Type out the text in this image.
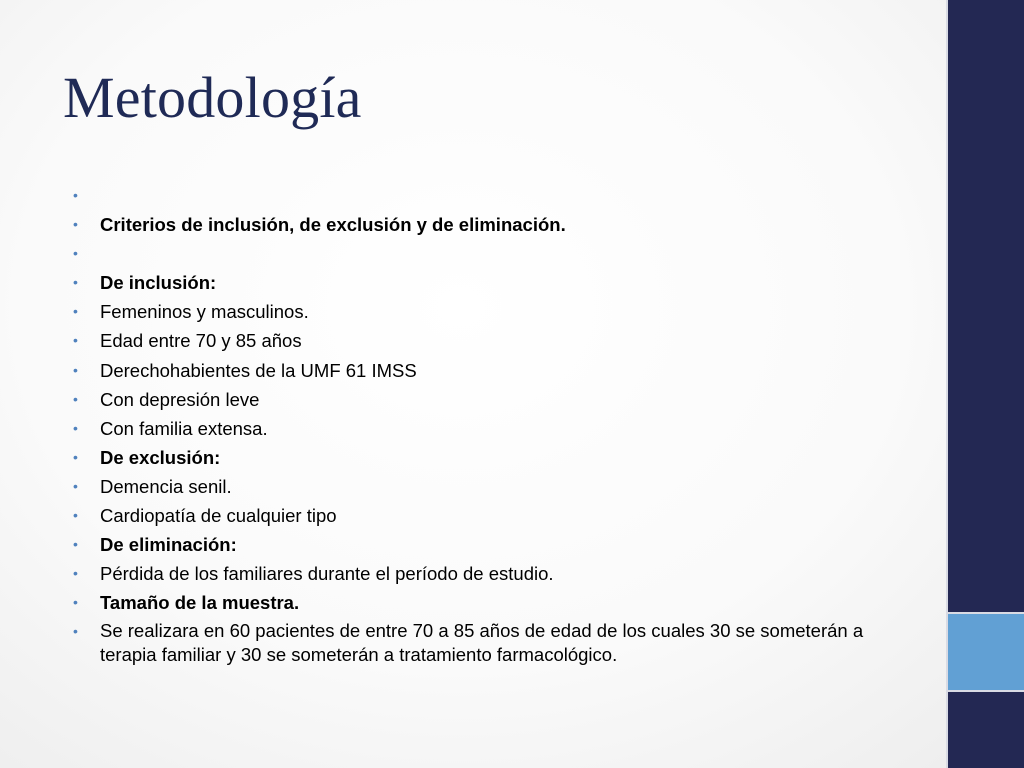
Metodología
•
• Criterios de inclusión, de exclusión y de eliminación.
•
• De inclusión:
• Femeninos y masculinos.
• Edad entre 70 y 85 años
• Derechohabientes de la UMF 61 IMSS
• Con depresión leve
• Con familia extensa.
• De exclusión:
• Demencia senil.
• Cardiopatía de cualquier tipo
• De eliminación:
• Pérdida de los familiares durante el período de estudio.
• Tamaño de la muestra.
• Se realizara en 60 pacientes de entre 70 a 85 años de edad de los cuales 30 se someterán a terapia familiar y 30 se someterán a tratamiento farmacológico.
